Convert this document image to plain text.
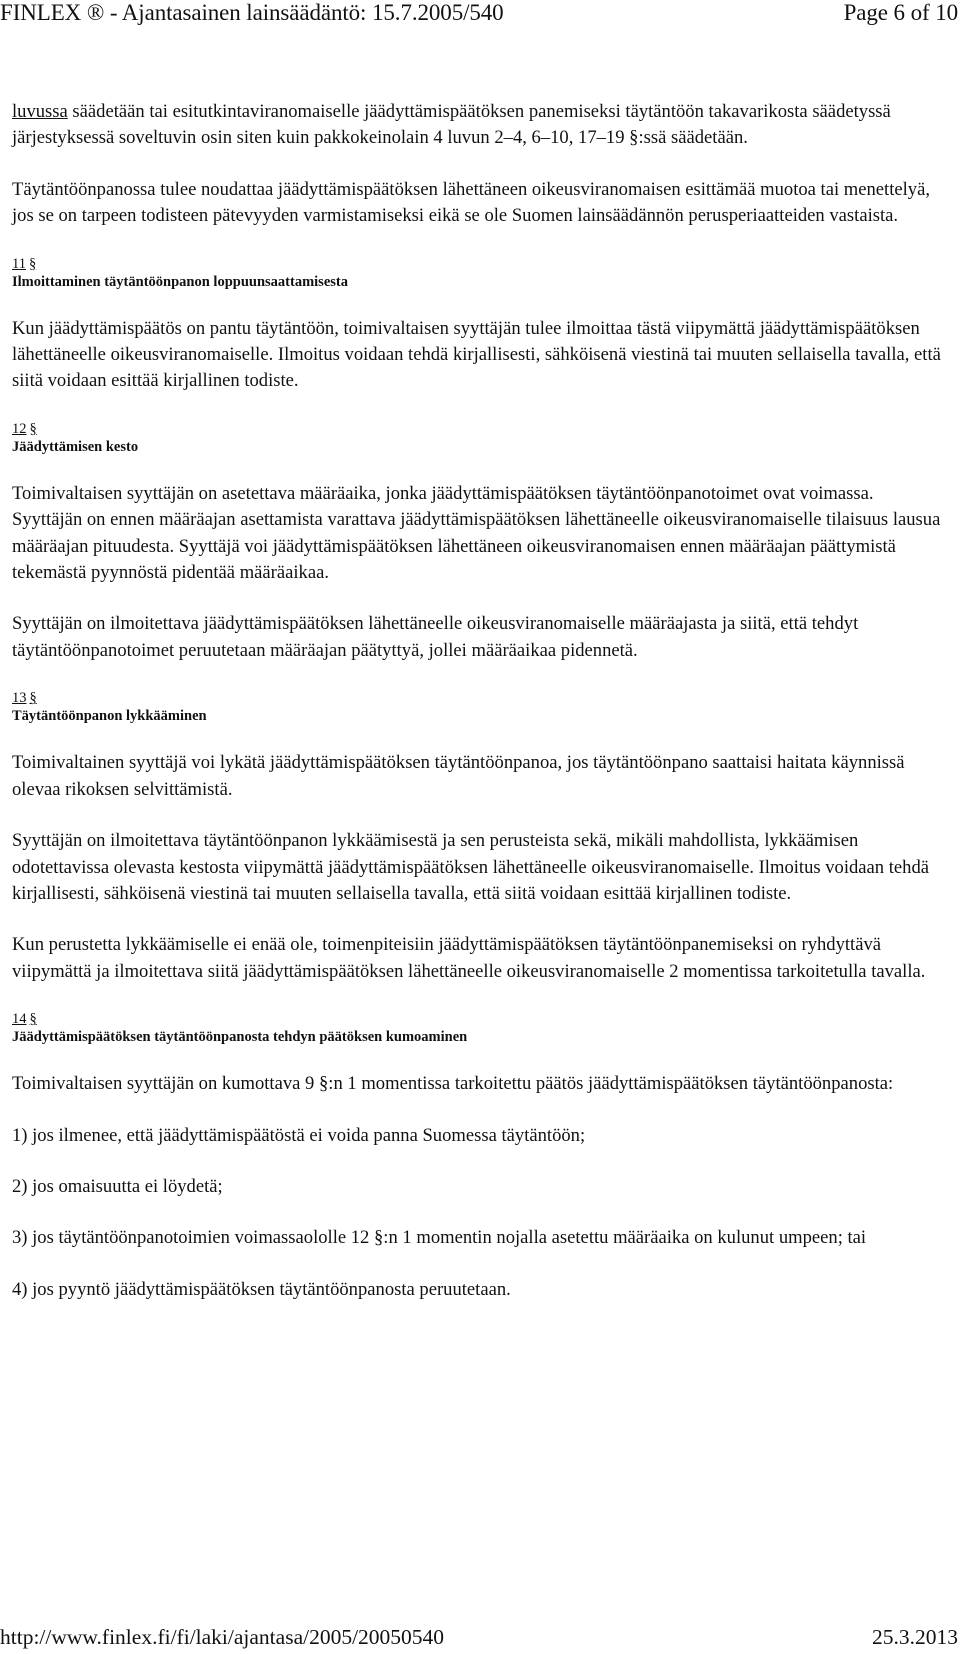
FINLEX ® - Ajantasainen lainsäädäntö: 15.7.2005/540	Page 6 of 10

luvussa säädetään tai esitutkintaviranomaiselle jäädyttämispäätöksen panemiseksi täytäntöön takavarikosta säädetyssä järjestyksessä soveltuvin osin siten kuin pakkokeinolain 4 luvun 2–4, 6–10, 17–19 §:ssä säädetään.

Täytäntöönpanossa tulee noudattaa jäädyttämispäätöksen lähettäneen oikeusviranomaisen esittämää muotoa tai menettelyä, jos se on tarpeen todisteen pätevyyden varmistamiseksi eikä se ole Suomen lainsäädännön perusperiaatteiden vastaista.

11 §
Ilmoittaminen täytäntöönpanon loppuunsaattamisesta

Kun jäädyttämispäätös on pantu täytäntöön, toimivaltaisen syyttäjän tulee ilmoittaa tästä viipymättä jäädyttämispäätöksen lähettäneelle oikeusviranomaiselle. Ilmoitus voidaan tehdä kirjallisesti, sähköisenä viestinä tai muuten sellaisella tavalla, että siitä voidaan esittää kirjallinen todiste.

12 §
Jäädyttämisen kesto

Toimivaltaisen syyttäjän on asetettava määräaika, jonka jäädyttämispäätöksen täytäntöönpanotoimet ovat voimassa. Syyttäjän on ennen määräajan asettamista varattava jäädyttämispäätöksen lähettäneelle oikeusviranomaiselle tilaisuus lausua määräajan pituudesta. Syyttäjä voi jäädyttämispäätöksen lähettäneen oikeusviranomaisen ennen määräajan päättymistä tekemästä pyynnöstä pidentää määräaikaa.

Syyttäjän on ilmoitettava jäädyttämispäätöksen lähettäneelle oikeusviranomaiselle määräajasta ja siitä, että tehdyt täytäntöönpanotoimet peruutetaan määräajan päätyttyä, jollei määräaikaa pidennetä.

13 §
Täytäntöönpanon lykkääminen

Toimivaltainen syyttäjä voi lykätä jäädyttämispäätöksen täytäntöönpanoa, jos täytäntöönpano saattaisi haitata käynnissä olevaa rikoksen selvittämistä.

Syyttäjän on ilmoitettava täytäntöönpanon lykkäämisestä ja sen perusteista sekä, mikäli mahdollista, lykkäämisen odotettavissa olevasta kestosta viipymättä jäädyttämispäätöksen lähettäneelle oikeusviranomaiselle. Ilmoitus voidaan tehdä kirjallisesti, sähköisenä viestinä tai muuten sellaisella tavalla, että siitä voidaan esittää kirjallinen todiste.

Kun perustetta lykkäämiselle ei enää ole, toimenpiteisiin jäädyttämispäätöksen täytäntöönpanemiseksi on ryhdyttävä viipymättä ja ilmoitettava siitä jäädyttämispäätöksen lähettäneelle oikeusviranomaiselle 2 momentissa tarkoitetulla tavalla.

14 §
Jäädyttämispäätöksen täytäntöönpanosta tehdyn päätöksen kumoaminen

Toimivaltaisen syyttäjän on kumottava 9 §:n 1 momentissa tarkoitettu päätös jäädyttämispäätöksen täytäntöönpanosta:

1) jos ilmenee, että jäädyttämispäätöstä ei voida panna Suomessa täytäntöön;

2) jos omaisuutta ei löydetä;

3) jos täytäntöönpanotoimien voimassaololle 12 §:n 1 momentin nojalla asetettu määräaika on kulunut umpeen; tai

4) jos pyyntö jäädyttämispäätöksen täytäntöönpanosta peruutetaan.

http://www.finlex.fi/fi/laki/ajantasa/2005/20050540	25.3.2013
